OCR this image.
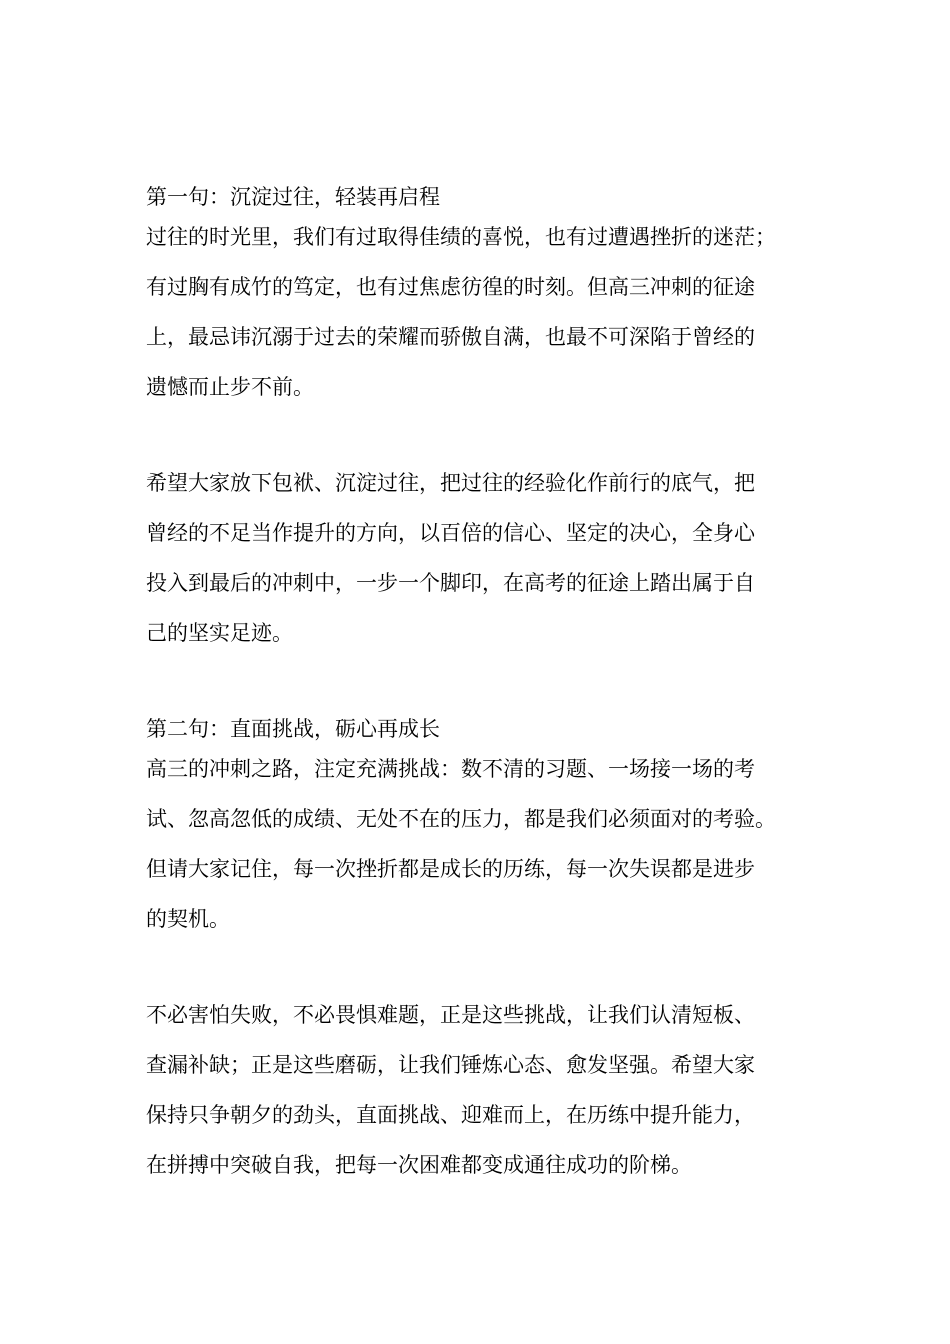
第一句：沉淀过往，轻装再启程
过往的时光里，我们有过取得佳绩的喜悦，也有过遭遇挫折的迷茫；
有过胸有成竹的笃定，也有过焦虑彷徨的时刻。但高三冲刺的征途
上，最忌讳沉溺于过去的荣耀而骄傲自满，也最不可深陷于曾经的
遗憾而止步不前。
希望大家放下包袱、沉淀过往，把过往的经验化作前行的底气，把
曾经的不足当作提升的方向，以百倍的信心、坚定的决心，全身心
投入到最后的冲刺中，一步一个脚印，在高考的征途上踏出属于自
己的坚实足迹。
第二句：直面挑战，砺心再成长
高三的冲刺之路，注定充满挑战：数不清的习题、一场接一场的考
试、忽高忽低的成绩、无处不在的压力，都是我们必须面对的考验。
但请大家记住，每一次挫折都是成长的历练，每一次失误都是进步
的契机。
不必害怕失败，不必畏惧难题，正是这些挑战，让我们认清短板、
查漏补缺；正是这些磨砺，让我们锤炼心态、愈发坚强。希望大家
保持只争朝夕的劲头，直面挑战、迎难而上，在历练中提升能力，
在拼搏中突破自我，把每一次困难都变成通往成功的阶梯。
